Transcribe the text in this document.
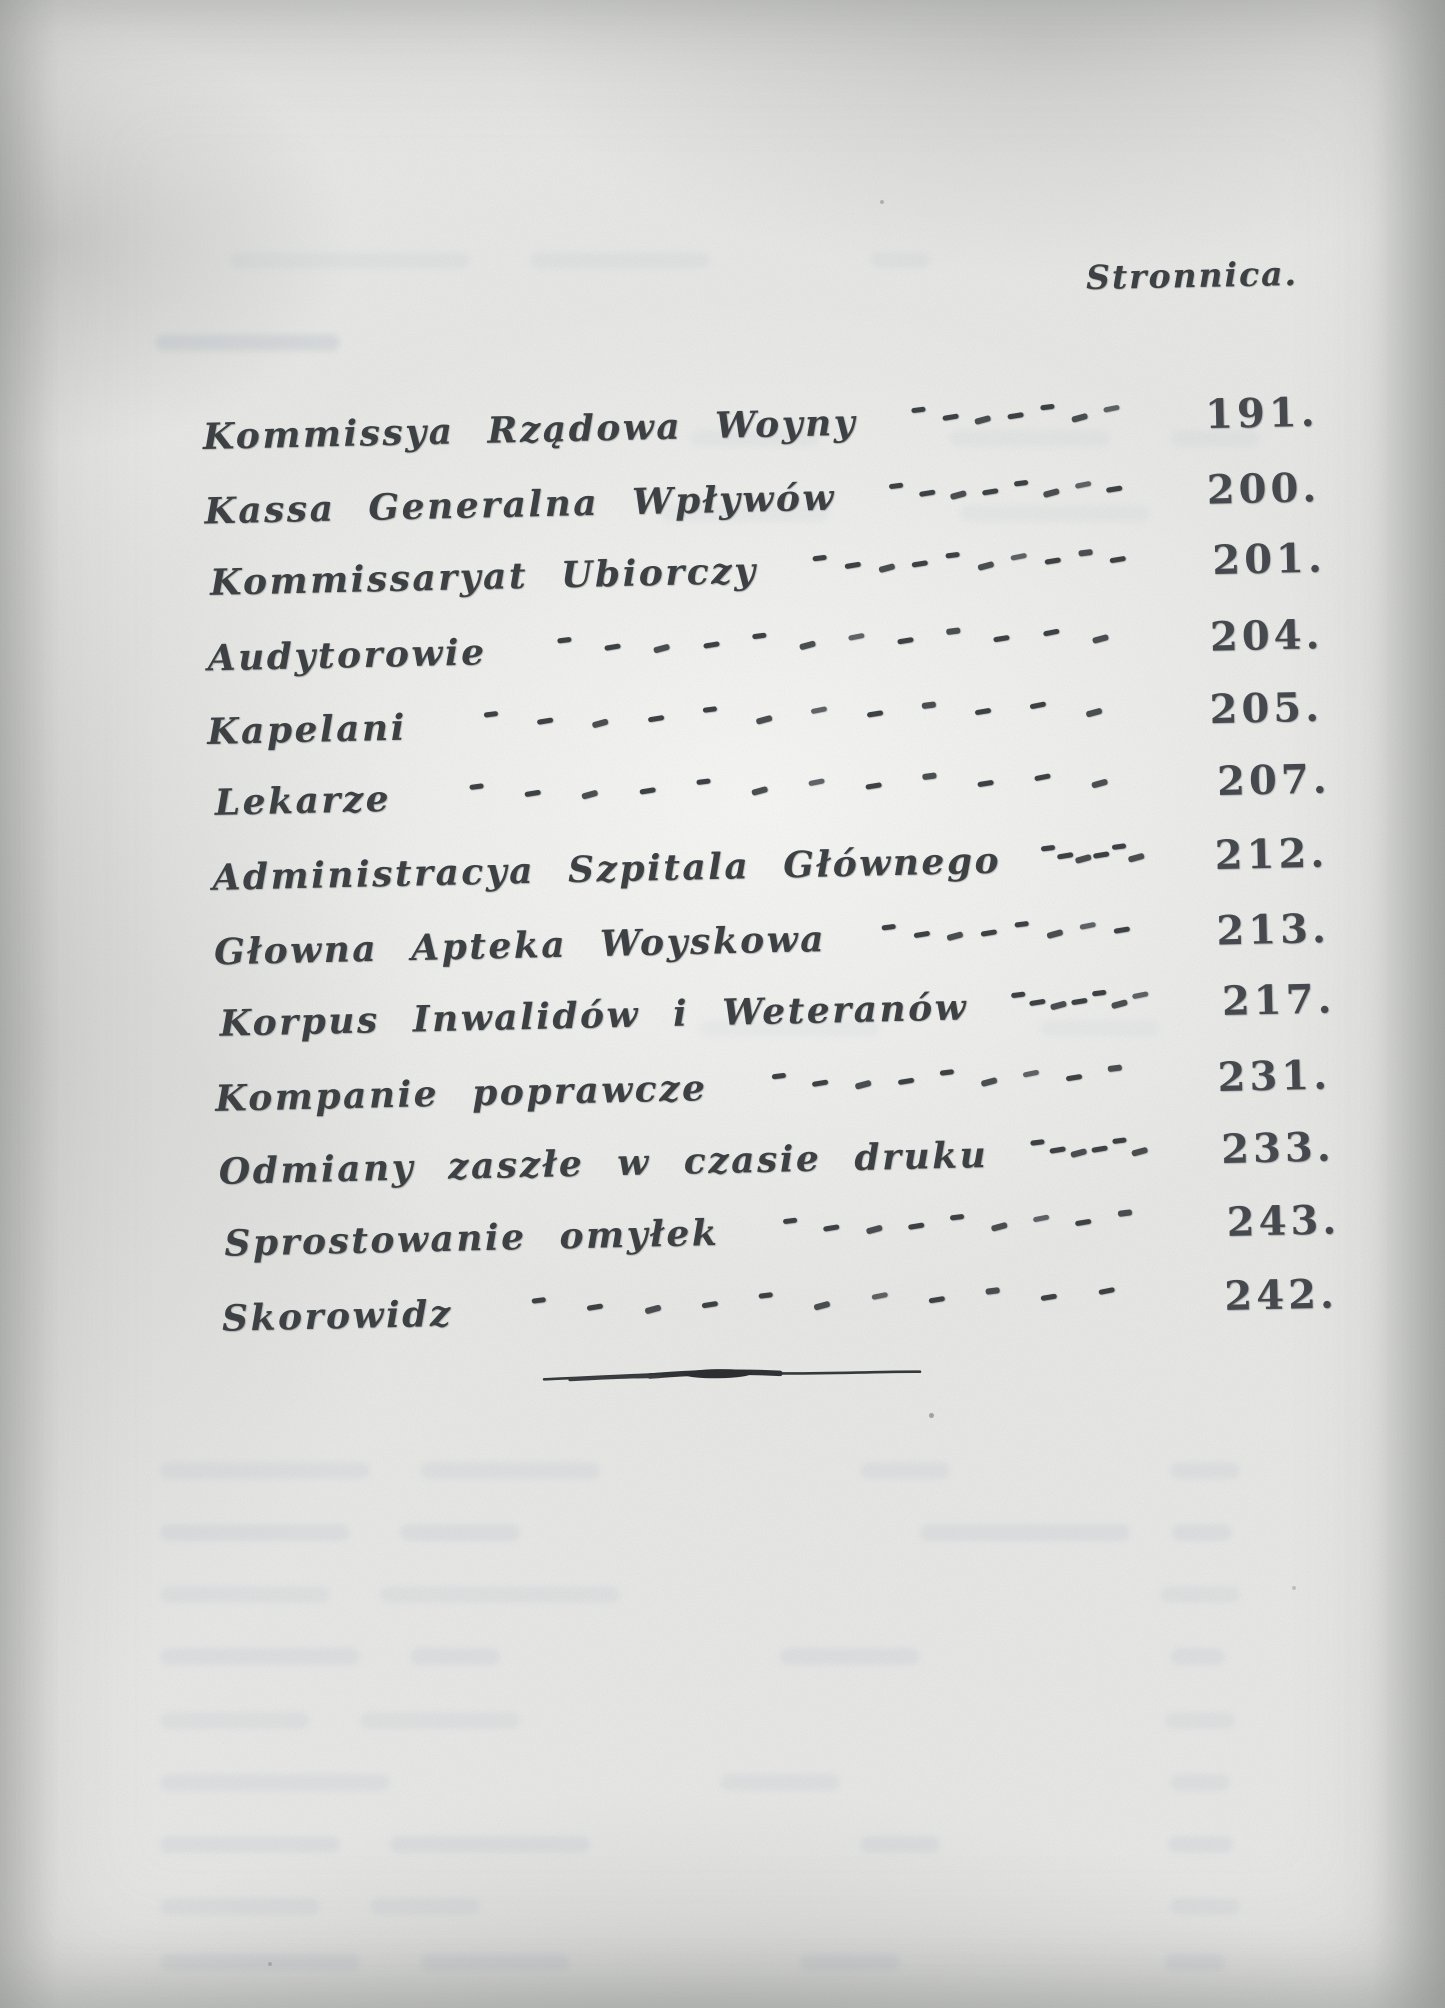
Stronnica.
Kommissya Rządowa Woyny	191.
Kassa Generalna Wpływów	200.
Kommissaryat Ubiorczy	201.
Audytorowie	204.
Kapelani	205.
Lekarze	207.
Administracya Szpitala Głównego	212.
Głowna Apteka Woyskowa	213.
Korpus Inwalidów i Weteranów	217.
Kompanie poprawcze	231.
Odmiany zaszłe w czasie druku	233.
Sprostowanie omyłek	243.
Skorowidz	242.
